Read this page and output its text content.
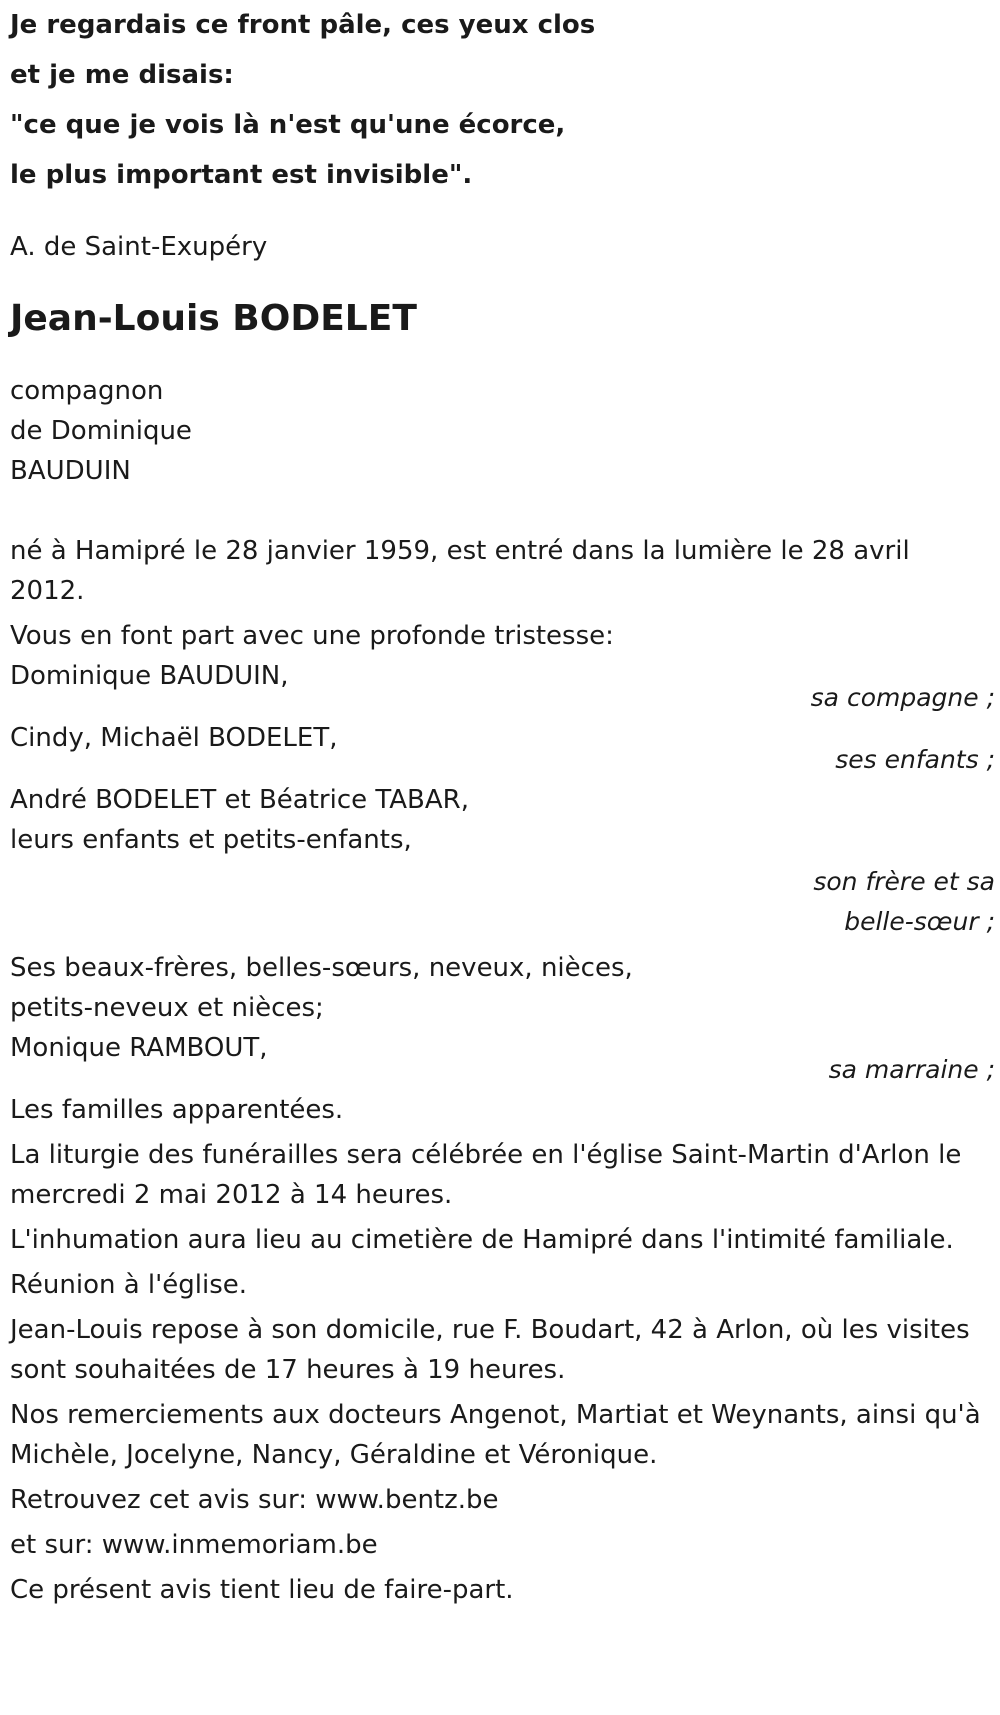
Je regardais ce front pâle, ces yeux clos
et je me disais:
"ce que je vois là n'est qu'une écorce,
le plus important est invisible".
A. de Saint-Exupéry
Jean-Louis BODELET
compagnon
de Dominique
BAUDUIN
né à Hamipré le 28 janvier 1959, est entré dans la lumière le 28 avril 2012.
Vous en font part avec une profonde tristesse:
Dominique BAUDUIN,
sa compagne ;
Cindy, Michaël BODELET,
ses enfants ;
André BODELET et Béatrice TABAR,
leurs enfants et petits-enfants,
son frère et sa
belle-sœur ;
Ses beaux-frères, belles-sœurs, neveux, nièces,
petits-neveux et nièces;
Monique RAMBOUT,
sa marraine ;
Les familles apparentées.
La liturgie des funérailles sera célébrée en l'église Saint-Martin d'Arlon le mercredi 2 mai 2012 à 14 heures.
L'inhumation aura lieu au cimetière de Hamipré dans l'intimité familiale.
Réunion à l'église.
Jean-Louis repose à son domicile, rue F. Boudart, 42 à Arlon, où les visites sont souhaitées de 17 heures à 19 heures.
Nos remerciements aux docteurs Angenot, Martiat et Weynants, ainsi qu'à Michèle, Jocelyne, Nancy, Géraldine et Véronique.
Retrouvez cet avis sur: www.bentz.be
et sur: www.inmemoriam.be
Ce présent avis tient lieu de faire-part.
